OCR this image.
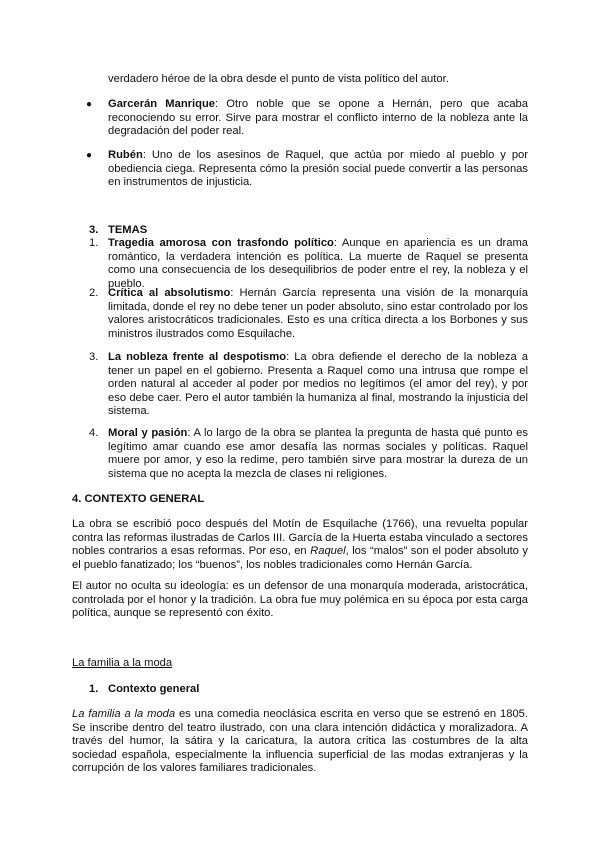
verdadero héroe de la obra desde el punto de vista político del autor.

● Garcerán Manrique: Otro noble que se opone a Hernán, pero que acaba reconociendo su error. Sirve para mostrar el conflicto interno de la nobleza ante la degradación del poder real.

● Rubén: Uno de los asesinos de Raquel, que actúa por miedo al pueblo y por obediencia ciega. Representa cómo la presión social puede convertir a las personas en instrumentos de injusticia.

3. TEMAS
1. Tragedia amorosa con trasfondo político: Aunque en apariencia es un drama romántico, la verdadera intención es política. La muerte de Raquel se presenta como una consecuencia de los desequilibrios de poder entre el rey, la nobleza y el pueblo.

2. Crítica al absolutismo: Hernán García representa una visión de la monarquía limitada, donde el rey no debe tener un poder absoluto, sino estar controlado por los valores aristocráticos tradicionales. Esto es una crítica directa a los Borbones y sus ministros ilustrados como Esquilache.

3. La nobleza frente al despotismo: La obra defiende el derecho de la nobleza a tener un papel en el gobierno. Presenta a Raquel como una intrusa que rompe el orden natural al acceder al poder por medios no legítimos (el amor del rey), y por eso debe caer. Pero el autor también la humaniza al final, mostrando la injusticia del sistema.

4. Moral y pasión: A lo largo de la obra se plantea la pregunta de hasta qué punto es legítimo amar cuando ese amor desafía las normas sociales y políticas. Raquel muere por amor, y eso la redime, pero también sirve para mostrar la dureza de un sistema que no acepta la mezcla de clases ni religiones.

4. CONTEXTO GENERAL

La obra se escribió poco después del Motín de Esquilache (1766), una revuelta popular contra las reformas ilustradas de Carlos III. García de la Huerta estaba vinculado a sectores nobles contrarios a esas reformas. Por eso, en Raquel, los “malos” son el poder absoluto y el pueblo fanatizado; los “buenos”, los nobles tradicionales como Hernán García.

El autor no oculta su ideología: es un defensor de una monarquía moderada, aristocrática, controlada por el honor y la tradición. La obra fue muy polémica en su época por esta carga política, aunque se representó con éxito.

La familia a la moda
1. Contexto general

La familia a la moda es una comedia neoclásica escrita en verso que se estrenó en 1805. Se inscribe dentro del teatro ilustrado, con una clara intención didáctica y moralizadora. A través del humor, la sátira y la caricatura, la autora critica las costumbres de la alta sociedad española, especialmente la influencia superficial de las modas extranjeras y la corrupción de los valores familiares tradicionales.
